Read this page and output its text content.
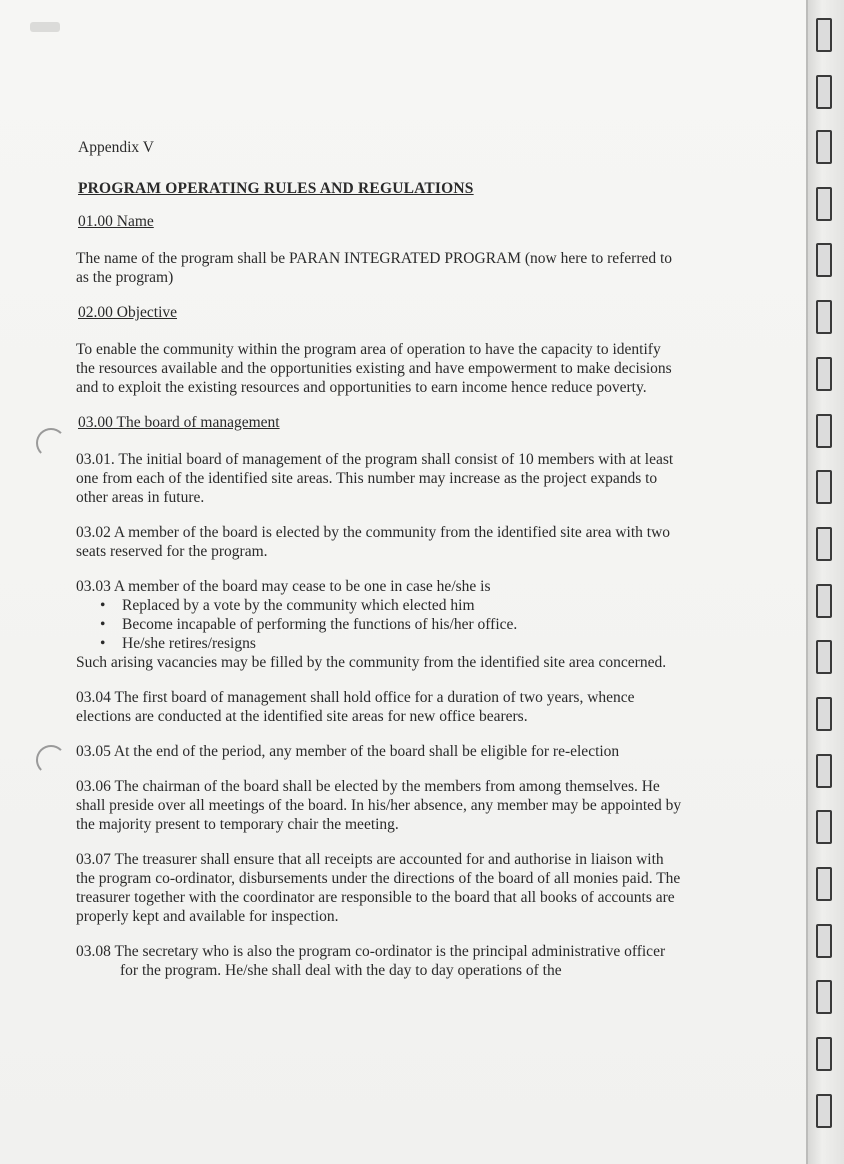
Appendix V
PROGRAM OPERATING RULES AND REGULATIONS
01.00 Name
The name of the program shall be PARAN INTEGRATED PROGRAM (now here to referred to as the program)
02.00 Objective
To enable the community within the program area of operation to have the capacity to identify the resources available and the opportunities existing and have empowerment to make decisions and to exploit the existing resources and opportunities to earn income hence reduce poverty.
03.00 The board of management
03.01. The initial board of management of the program shall consist of 10 members with at least one from each of the identified site areas. This number may increase as the project expands to other areas in future.
03.02 A member of the board is elected by the community from the identified site area with two seats reserved for the program.
03.03 A member of the board may cease to be one in case he/she is
• Replaced by a vote by the community which elected him
• Become incapable of performing the functions of his/her office.
• He/she retires/resigns
Such arising vacancies may be filled by the community from the identified site area concerned.
03.04 The first board of management shall hold office for a duration of two years, whence elections are conducted at the identified site areas for new office bearers.
03.05 At the end of the period, any member of the board shall be eligible for re-election
03.06 The chairman of the board shall be elected by the members from among themselves. He shall preside over all meetings of the board. In his/her absence, any member may be appointed by the majority present to temporary chair the meeting.
03.07 The treasurer shall ensure that all receipts are accounted for and authorise in liaison with the program co-ordinator, disbursements under the directions of the board of all monies paid. The treasurer together with the coordinator are responsible to the board that all books of accounts are properly kept and available for inspection.
03.08 The secretary who is also the program co-ordinator is the principal administrative officer for the program. He/she shall deal with the day to day operations of the
